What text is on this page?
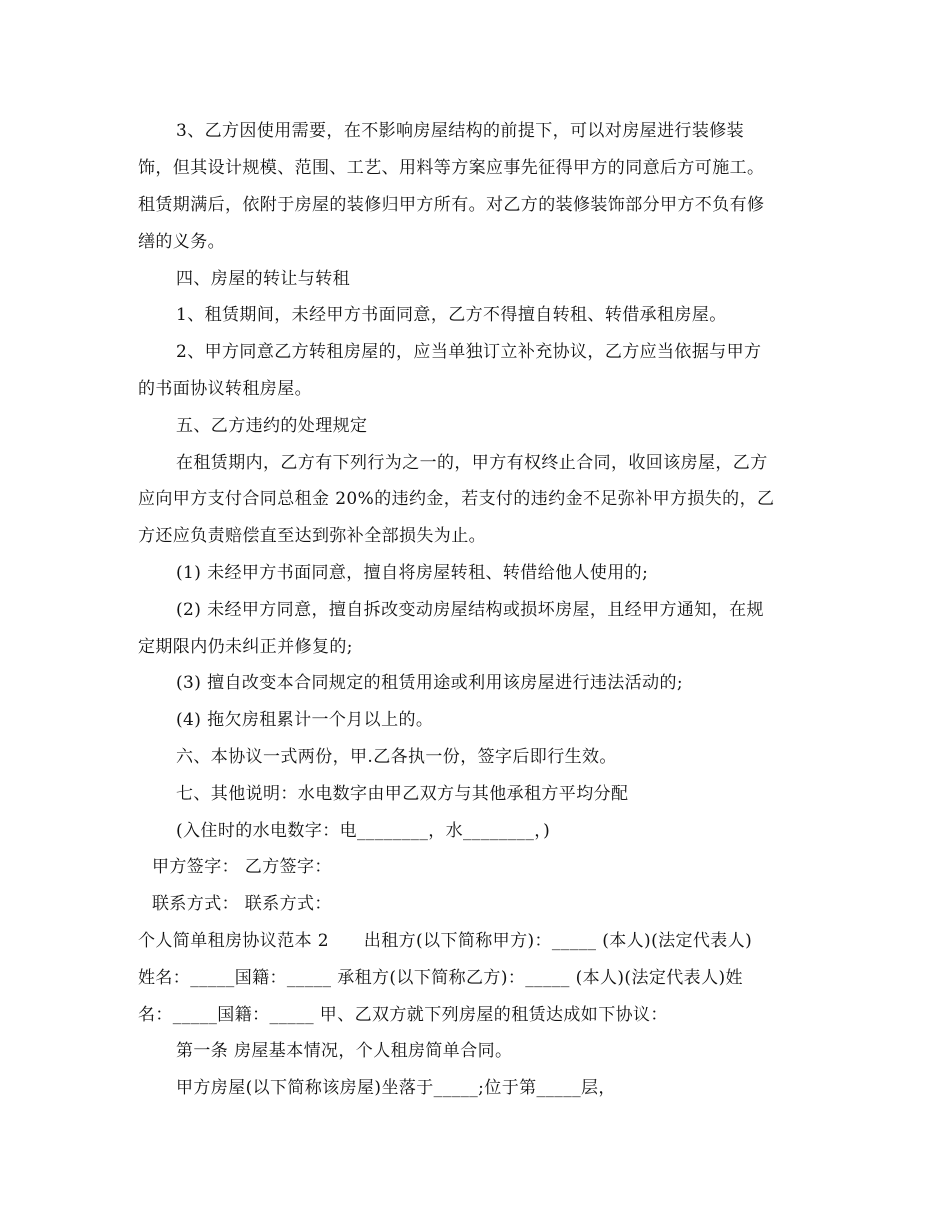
3、乙方因使用需要，在不影响房屋结构的前提下，可以对房屋进行装修装
饰，但其设计规模、范围、工艺、用料等方案应事先征得甲方的同意后方可施工。
租赁期满后，依附于房屋的装修归甲方所有。对乙方的装修装饰部分甲方不负有修
缮的义务。
四、房屋的转让与转租
1、租赁期间，未经甲方书面同意，乙方不得擅自转租、转借承租房屋。
2、甲方同意乙方转租房屋的，应当单独订立补充协议，乙方应当依据与甲方
的书面协议转租房屋。
五、乙方违约的处理规定
在租赁期内，乙方有下列行为之一的，甲方有权终止合同，收回该房屋，乙方
应向甲方支付合同总租金 20%的违约金，若支付的违约金不足弥补甲方损失的，乙
方还应负责赔偿直至达到弥补全部损失为止。
(1) 未经甲方书面同意，擅自将房屋转租、转借给他人使用的;
(2) 未经甲方同意，擅自拆改变动房屋结构或损坏房屋，且经甲方通知，在规
定期限内仍未纠正并修复的;
(3) 擅自改变本合同规定的租赁用途或利用该房屋进行违法活动的;
(4) 拖欠房租累计一个月以上的。
六、本协议一式两份，甲.乙各执一份，签字后即行生效。
七、其他说明：水电数字由甲乙双方与其他承租方平均分配
(入住时的水电数字：电________，水________，)
甲方签字： 乙方签字：
联系方式： 联系方式：
个人简单租房协议范本 2      出租方(以下简称甲方)：_____ (本人)(法定代表人)
姓名：_____国籍：_____ 承租方(以下简称乙方)：_____ (本人)(法定代表人)姓
名：_____国籍：_____ 甲、乙双方就下列房屋的租赁达成如下协议：
第一条 房屋基本情况，个人租房简单合同。
甲方房屋(以下简称该房屋)坐落于_____;位于第_____层，
